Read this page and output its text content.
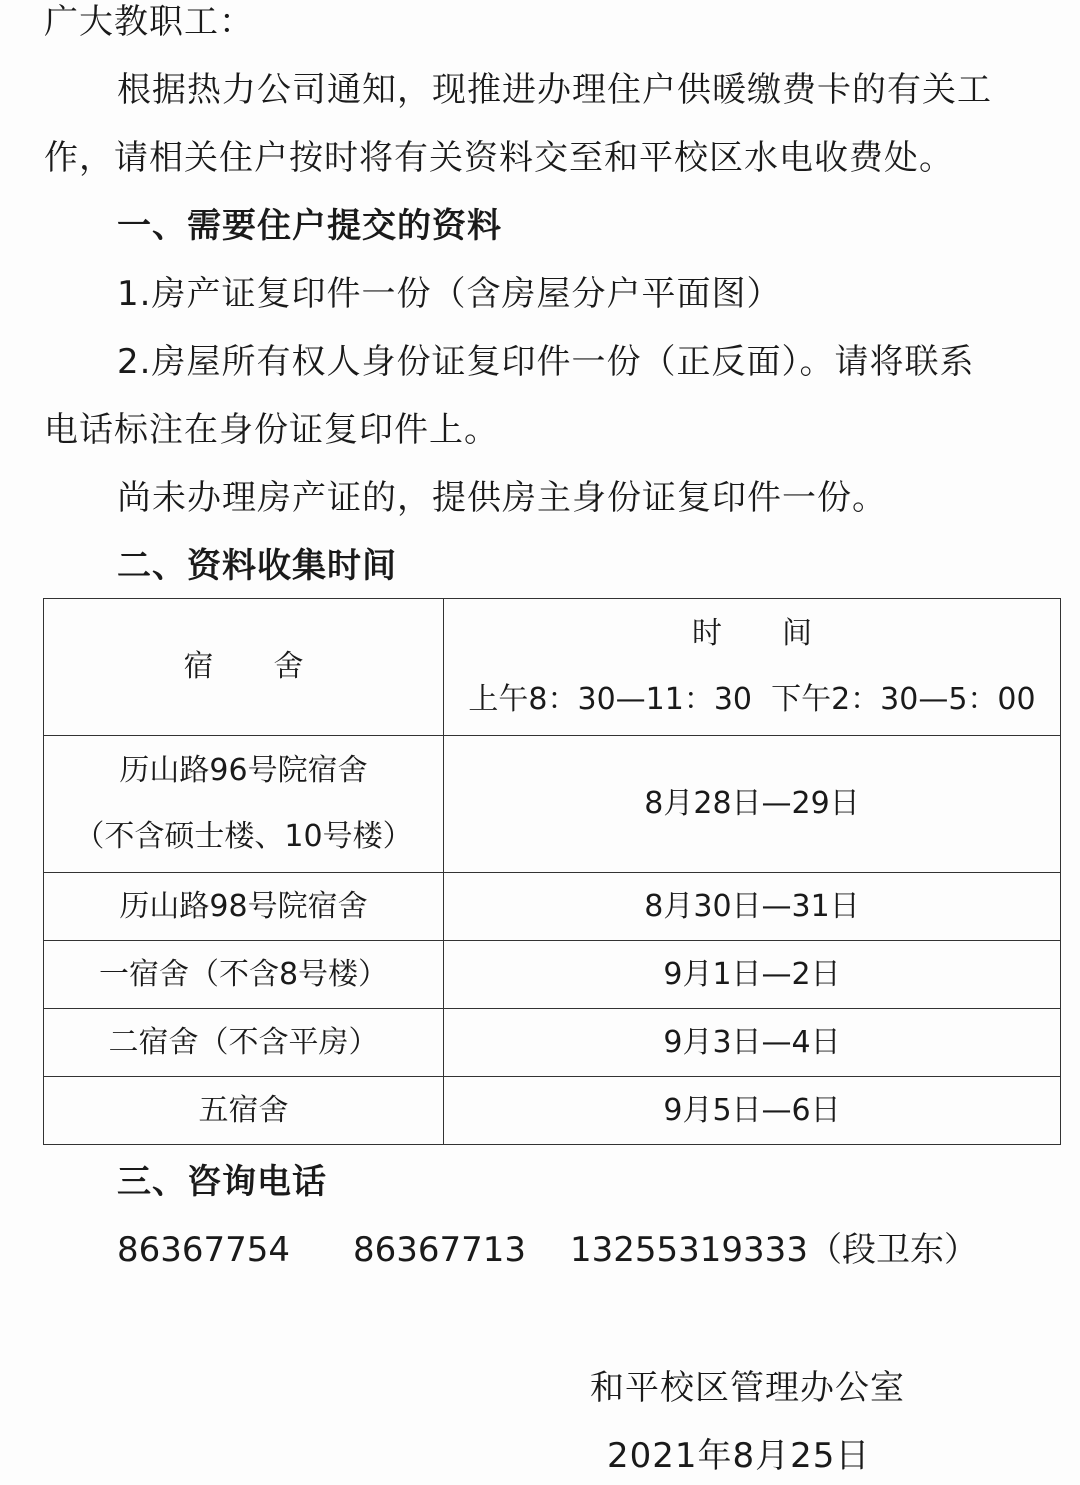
广大教职工：
根据热力公司通知，现推进办理住户供暖缴费卡的有关工
作，请相关住户按时将有关资料交至和平校区水电收费处。
一、需要住户提交的资料
1.房产证复印件一份（含房屋分户平面图）
2.房屋所有权人身份证复印件一份（正反面）。请将联系
电话标注在身份证复印件上。
尚未办理房产证的，提供房主身份证复印件一份。
二、资料收集时间
宿舍	时间
上午8：30—11：30  下午2：30—5：00

历山路96号院宿舍
（不含硕士楼、10号楼）	8月28日—29日
历山路98号院宿舍	8月30日—31日
一宿舍（不含8号楼）	9月1日—2日
二宿舍（不含平房）	9月3日—4日
五宿舍	9月5日—6日
三、咨询电话
86367754 86367713 13255319333（段卫东）
和平校区管理办公室
2021年8月25日
